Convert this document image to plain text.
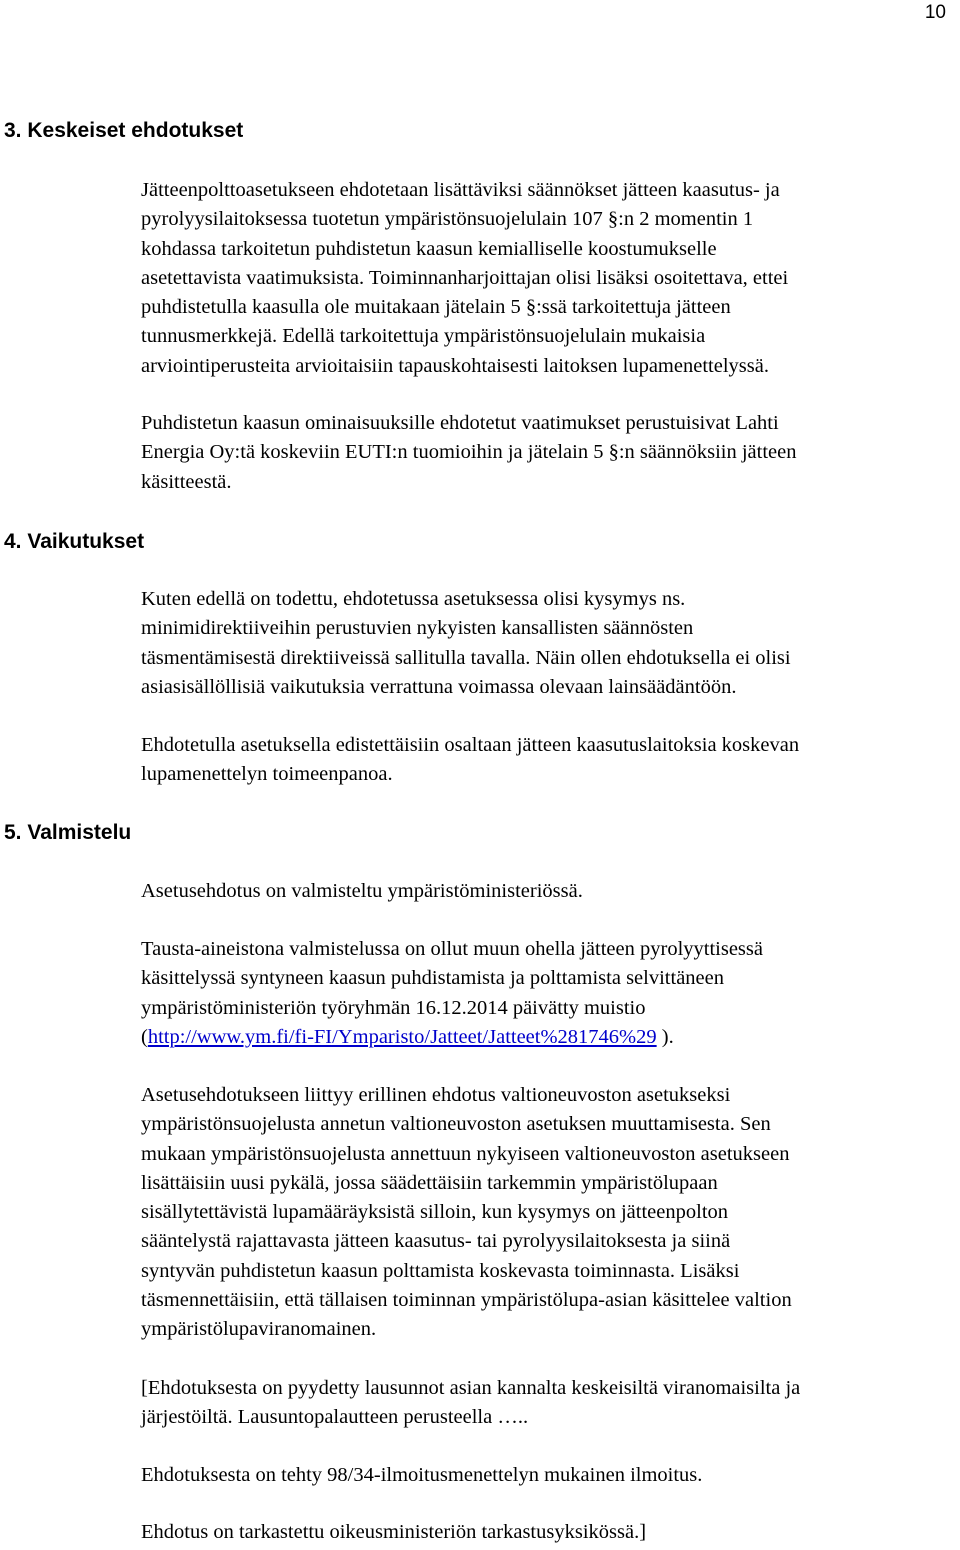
10
3. Keskeiset ehdotukset
4. Vaikutukset
5. Valmistelu
Jätteenpolttoasetukseen ehdotetaan lisättäviksi säännökset jätteen kaasutus- ja
pyrolyysilaitoksessa tuotetun ympäristönsuojelulain 107 §:n 2 momentin 1
kohdassa tarkoitetun puhdistetun kaasun kemialliselle koostumukselle
asetettavista vaatimuksista. Toiminnanharjoittajan olisi lisäksi osoitettava, ettei
puhdistetulla kaasulla ole muitakaan jätelain 5 §:ssä tarkoitettuja jätteen
tunnusmerkkejä. Edellä tarkoitettuja ympäristönsuojelulain mukaisia
arviointiperusteita arvioitaisiin tapauskohtaisesti laitoksen lupamenettelyssä.
Puhdistetun kaasun ominaisuuksille ehdotetut vaatimukset perustuisivat Lahti
Energia Oy:tä koskeviin EUTI:n tuomioihin ja jätelain 5 §:n säännöksiin jätteen
käsitteestä.
Kuten edellä on todettu, ehdotetussa asetuksessa olisi kysymys ns.
minimidirektiiveihin perustuvien nykyisten kansallisten säännösten
täsmentämisestä direktiiveissä sallitulla tavalla. Näin ollen ehdotuksella ei olisi
asiasisällöllisiä vaikutuksia verrattuna voimassa olevaan lainsäädäntöön.
Ehdotetulla asetuksella edistettäisiin osaltaan jätteen kaasutuslaitoksia koskevan
lupamenettelyn toimeenpanoa.
Asetusehdotus on valmisteltu ympäristöministeriössä.
Tausta-aineistona valmistelussa on ollut muun ohella jätteen pyrolyyttisessä
käsittelyssä syntyneen kaasun puhdistamista ja polttamista selvittäneen
ympäristöministeriön työryhmän 16.12.2014 päivätty muistio
(http://www.ym.fi/fi-FI/Ymparisto/Jatteet/Jatteet%281746%29 ).
Asetusehdotukseen liittyy erillinen ehdotus valtioneuvoston asetukseksi
ympäristönsuojelusta annetun valtioneuvoston asetuksen muuttamisesta. Sen
mukaan ympäristönsuojelusta annettuun nykyiseen valtioneuvoston asetukseen
lisättäisiin uusi pykälä, jossa säädettäisiin tarkemmin ympäristölupaan
sisällytettävistä lupamääräyksistä silloin, kun kysymys on jätteenpolton
sääntelystä rajattavasta jätteen kaasutus- tai pyrolyysilaitoksesta ja siinä
syntyvän puhdistetun kaasun polttamista koskevasta toiminnasta. Lisäksi
täsmennettäisiin, että tällaisen toiminnan ympäristölupa-asian käsittelee valtion
ympäristölupaviranomainen.
[Ehdotuksesta on pyydetty lausunnot asian kannalta keskeisiltä viranomaisilta ja
järjestöiltä. Lausuntopalautteen perusteella …..
Ehdotuksesta on tehty 98/34-ilmoitusmenettelyn mukainen ilmoitus.
Ehdotus on tarkastettu oikeusministeriön tarkastusyksikössä.]
